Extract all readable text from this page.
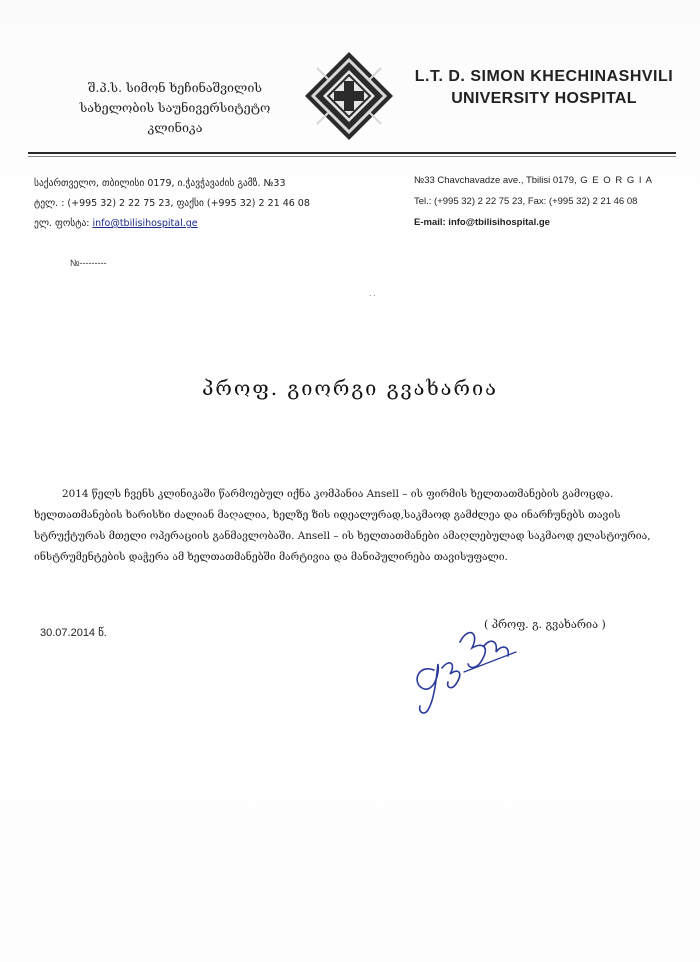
შ.პ.ს. სიმონ ხეჩინაშვილის
სახელობის საუნივერსიტეტო
კლინიკა
L.T. D. SIMON KHECHINASHVILI
UNIVERSITY HOSPITAL
საქართველო, თბილისი 0179, ი.ჭავჭავაძის გამზ. №33
ტელ. : (+995 32) 2 22 75 23, ფაქსი (+995 32) 2 21 46 08
ელ. ფოსტა: info@tbilisihospital.ge
№33 Chavchavadze ave., Tbilisi 0179, G E O R G I A
Tel.: (+995 32) 2 22 75 23, Fax: (+995 32) 2 21 46 08
E-mail: info@tbilisihospital.ge
№---------
· ·
პროფ. გიორგი გვახარია
2014 წელს ჩვენს კლინიკაში წარმოებულ იქნა კომპანია Ansell – ის ფირმის ხელთათმანების გამოცდა.
ხელთათმანების ხარისხი ძალიან მაღალია, ხელზე ზის იდეალურად,საკმაოდ გამძლეა და ინარჩუნებს თავის
სტრუქტურას მთელი ოპერაციის განმავლობაში. Ansell – ის ხელთათმანები ამაღლებულად საკმაოდ ელასტიურია,
ინსტრუმენტების დაჭერა ამ ხელთათმანებში მარტივია და მანიპულირება თავისუფალი.
30.07.2014 წ.
( პროფ. გ. გვახარია )
